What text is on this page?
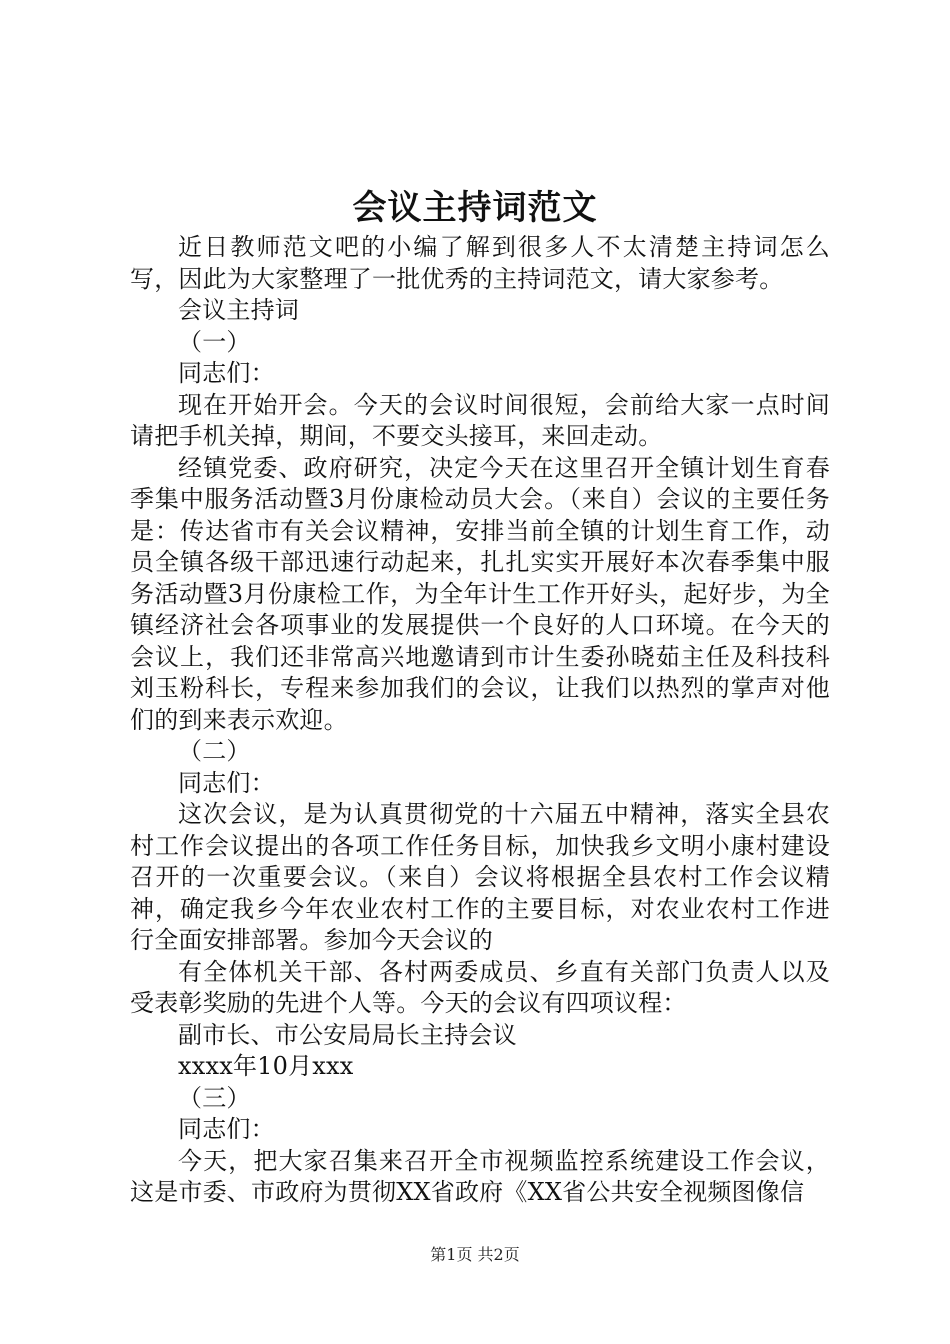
会议主持词范文

近日教师范文吧的小编了解到很多人不太清楚主持词怎么写，因此为大家整理了一批优秀的主持词范文，请大家参考。

会议主持词

（一）

同志们：

现在开始开会。今天的会议时间很短，会前给大家一点时间请把手机关掉，期间，不要交头接耳，来回走动。

经镇党委、政府研究，决定今天在这里召开全镇计划生育春季集中服务活动暨3月份康检动员大会。（来自）会议的主要任务是：传达省市有关会议精神，安排当前全镇的计划生育工作，动员全镇各级干部迅速行动起来，扎扎实实开展好本次春季集中服务活动暨3月份康检工作，为全年计生工作开好头，起好步，为全镇经济社会各项事业的发展提供一个良好的人口环境。在今天的会议上，我们还非常高兴地邀请到市计生委孙晓茹主任及科技科刘玉粉科长，专程来参加我们的会议，让我们以热烈的掌声对他们的到来表示欢迎。

（二）

同志们：

这次会议，是为认真贯彻党的十六届五中精神，落实全县农村工作会议提出的各项工作任务目标，加快我乡文明小康村建设召开的一次重要会议。（来自）会议将根据全县农村工作会议精神，确定我乡今年农业农村工作的主要目标，对农业农村工作进行全面安排部署。参加今天会议的

有全体机关干部、各村两委成员、乡直有关部门负责人以及受表彰奖励的先进个人等。今天的会议有四项议程：

副市长、市公安局局长主持会议

xxxx年10月xxx

（三）

同志们：

今天，把大家召集来召开全市视频监控系统建设工作会议，这是市委、市政府为贯彻XX省政府《XX省公共安全视频图像信

第1页 共2页
